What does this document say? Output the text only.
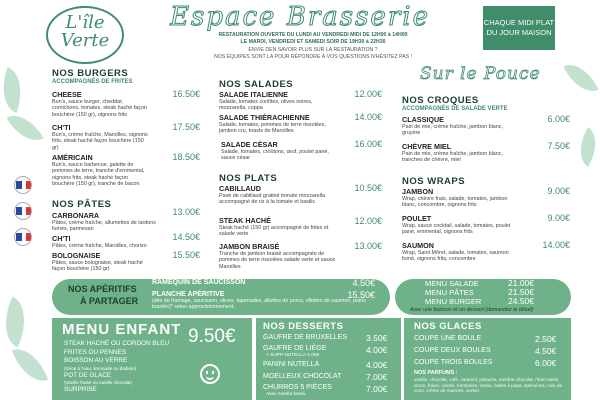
L'île
Verte
Espace Brasserie
RESTAURATION OUVERTE DU LUNDI AU VENDREDI MIDI DE 12H00 à 14H00
LE MARDI, VENDREDI ET SAMEDI SOIR DE 19H30 à 22H30
ENVIE DEN SAVOIR PLUS SUR LA RESTAURATION ?
NOS ÉQUIPES SONT LA POUR RÉPONDRE À VOS QUESTIONS N'HÉSITEZ PAS !
CHAQUE MIDI PLAT DU JOUR MAISON
Sur le Pouce
NOS BURGERS
ACCOMPAGNÉS DE FRITES
CHEESE
Bun's, sauce burger, cheddar, cornichons, tomates, steak haché façon bouchère (150 gr), oignons frits
16.50€
CH'TI
Bun's, crème fraîche, Maroilles, oignons frits, steak haché façon bouchère (150 gr)
17.50€
AMÉRICAIN
Bun's, sauce barbecue, galette de pommes de terre, tranche d'emmental, oignons frits, steak haché façon bouchère (150 gr), tranche de bacon
18.50€
NOS PÂTES
CARBONARA
Pâtes, crème fraîche, allumettes de lardons fumés, parmesan
13.00€
CH'TI
Pâtes, crème fraîche, Maroilles, chorizo
14.50€
BOLOGNAISE
Pâtes, sauce bolognaise, steak haché façon bouchère (150 gr)
15.50€
NOS SALADES
SALADE ITALIENNE
Salade, tomates confites, olives noires, mozzarella, coppa
12.00€
SALADE THIÉRACHIENNE
Salade, tomates, pommes de terre rissolées, jambon cru, toasts de Maroilles
14.00€
SALADE CÉSAR
Salade, tomates, croûtons, œuf, poulet pané, sauce césar
16.00€
NOS PLATS
CABILLAUD
Pavé de cabillaud gratiné tomate mozzarella accompagné de riz à la tomate et basilic
10.50€
STEAK HACHÉ
Steak haché (150 gr) accompagné de frites et salade verte
12.00€
JAMBON BRAISÉ
Tranche de jambon braisé accompagnée de pommes de terre rissolées salade verte et sauce Maroilles
13.00€
NOS CROQUES
ACCOMPAGNÉS DE SALADE VERTE
CLASSIQUE
Pain de mie, crème fraîche, jambon blanc, gruyère
6.00€
CHÈVRE MIEL
Pain de mie, crème fraîche, jambon blanc, tranches de chèvre, miel
7.50€
NOS WRAPS
JAMBON
Wrap, chèvre frais, salade, tomates, jambon blanc, concombre, oignons frits
9.00€
POULET
Wrap, sauce cocktail, salade, tomates, poulet pané, emmental, oignons frits
9.00€
SAUMON
Wrap, Saint Môret, salade, tomates, saumon fumé, oignons frits, concombre
14.00€
NOS APÉRITIFS
À PARTAGER
RAMEQUIN DE SAUCISSON	4.50€
PLANCHE APÉRITIVE
(dés de fromage, saucisson, olives, tapenades, allettes de porcs, rillettes de saumon, pains toastés)* selon approvisionnement.
15.50€
MENU SALADE	21.00€
MENU PÂTES	21.50€
MENU BURGER	24.50€
Avec une boisson et un dessert (demandez le détail)
MENU ENFANT 9.50€
STEAK HACHÉ OU CORDON BLEU
FRITES OU PENNES
BOISSON AU VERRE
(Sirop à l'eau, limonade ou diabolo)
POT DE GLACE
(Vanille fraise ou vanille chocolat)
SURPRISE
NOS DESSERTS
GAUFRE DE BRUXELLES 3.50€
GAUFRE DE LIÈGE
+ SUPP NUTELLA 1.00€
4.00€
PANINI NUTELLA	4.00€
MOELLEUX CHOCOLAT	7.00€
CHURROS 5 PIÈCES
Avec nutella fondu
7.00€
NOS GLACES
COUPE UNE BOULE	2.50€
COUPE DEUX BOULES	4.50€
COUPE TROIS BOULES	6.00€
NOS PARFUMS :
vanille, chocolat, café, caramel, pistache, menthe chocolat, rhum-raisin, citron, fraise, cassis, framboise, cerise, barbe à papa, spéculoos, noix de coco, crème de marrons, sorbet
